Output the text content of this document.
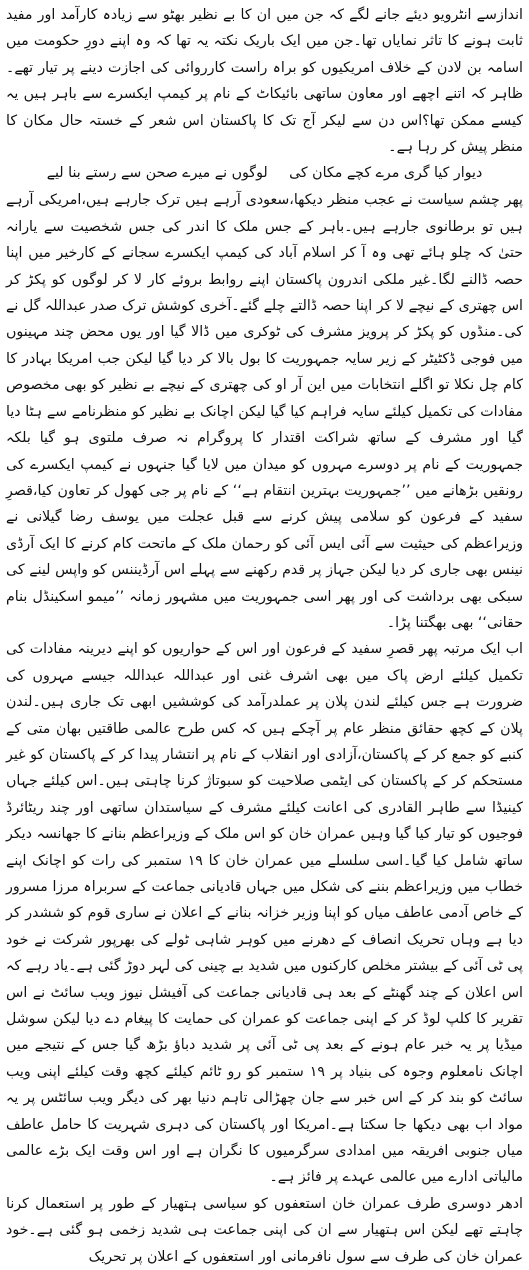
اندازسے انٹرویو دیئے جانے لگے کہ جن میں ان کا بے نظیر بھٹو سے زیادہ کارآمد اور مفید ثابت ہونے کا تاثر نمایاں تھا۔جن میں ایک باریک نکتہ یہ تھا کہ وہ اپنے دورِ حکومت میں اسامہ بن لادن کے خلاف امریکیوں کو براہ راست کارروائی کی اجازت دینے پر تیار تھے۔ظاہر کہ اتنے اچھے اور معاون ساتھی بائیکاٹ کے نام پر کیمپ ایکسرے سے باہر ہیں یہ کیسے ممکن تھا؟اس دن سے لیکر آج تک کا پاکستان اس شعر کے خستہ حال مکان کا منظر پیش کر رہا ہے۔

دیوار کیا گری مرے کچے مکان کی
لوگوں نے میرے صحن سے رستے بنا لیے

پھر چشم سیاست نے عجب منظر دیکھا،سعودی آرہے ہیں ترک جارہے ہیں،امریکی آرہے ہیں تو برطانوی جارہے ہیں۔باہر کے جس ملک کا اندر کی جس شخصیت سے یارانہ حتیٰ کہ چلو ہائے تھی وہ آ کر اسلام آباد کی کیمپ ایکسرے سجانے کے کارخیر میں اپنا حصہ ڈالنے لگا۔غیر ملکی اندرون پاکستان اپنے روابط بروئے کار لا کر لوگوں کو پکڑ کر اس چھتری کے نیچے لا کر اپنا حصہ ڈالتے چلے گئے۔آخری کوشش ترک صدر عبداللہ گل نے کی۔منڈوں کو پکڑ کر پرویز مشرف کی ٹوکری میں ڈالا گیا اور یوں محض چند مہینوں میں فوجی ڈکٹیٹر کے زیر سایہ جمہوریت کا بول بالا کر دیا گیا لیکن جب امریکا بہادر کا کام چل نکلا تو اگلے انتخابات میں این آر او کی چھتری کے نیچے بے نظیر کو بھی مخصوص مفادات کی تکمیل کیلئے سایہ فراہم کیا گیا لیکن اچانک بے نظیر کو منظرنامے سے ہٹا دیا گیا اور مشرف کے ساتھ شراکت اقتدار کا پروگرام نہ صرف ملتوی ہو گیا بلکہ جمہوریت کے نام پر دوسرے مہروں کو میدان میں لایا گیا جنہوں نے کیمپ ایکسرے کی رونقیں بڑھانے میں ’’جمہوریت بہترین انتقام ہے‘‘ کے نام پر جی کھول کر تعاون کیا،قصرِ سفید کے فرعون کو سلامی پیش کرنے سے قبل عجلت میں یوسف رضا گیلانی نے وزیراعظم کی حیثیت سے آئی ایس آئی کو رحمان ملک کے ماتحت کام کرنے کا ایک آرڈی نینس بھی جاری کر دیا لیکن جہاز پر قدم رکھنے سے پہلے اس آرڈیننس کو واپس لینے کی سبکی بھی برداشت کی اور پھر اسی جمہوریت میں مشہور زمانہ ’’میمو اسکینڈل بنام حقانی‘‘ بھی بھگتنا پڑا۔

اب ایک مرتبہ پھر قصرِ سفید کے فرعون اور اس کے حواریوں کو اپنے دیرینہ مفادات کی تکمیل کیلئے ارض پاک میں بھی اشرف غنی اور عبداللہ عبداللہ جیسے مہروں کی ضرورت ہے جس کیلئے لندن پلان پر عملدرآمد کی کوششیں ابھی تک جاری ہیں۔لندن پلان کے کچھ حقائق منظر عام پر آچکے ہیں کہ کس طرح عالمی طاقتیں بھان متی کے کنبے کو جمع کر کے پاکستان،آزادی اور انقلاب کے نام پر انتشار پیدا کر کے پاکستان کو غیر مستحکم کر کے پاکستان کی ایٹمی صلاحیت کو سبوتاژ کرنا چاہتی ہیں۔اس کیلئے جہاں کینیڈا سے طاہر القادری کی اعانت کیلئے مشرف کے سیاستدان ساتھی اور چند ریٹائرڈ فوجیوں کو تیار کیا گیا وہیں عمران خان کو اس ملک کے وزیراعظم بنانے کا جھانسہ دیکر ساتھ شامل کیا گیا۔اسی سلسلے میں عمران خان کا ۱۹ ستمبر کی رات کو اچانک اپنے خطاب میں وزیراعظم بننے کی شکل میں جہاں قادیانی جماعت کے سربراہ مرزا مسرور کے خاص آدمی عاطف میاں کو اپنا وزیر خزانہ بنانے کے اعلان نے ساری قوم کو ششدر کر دیا ہے وہاں تحریک انصاف کے دھرنے میں کوہر شاہی ٹولے کی بھرپور شرکت نے خود پی ٹی آئی کے بیشتر مخلص کارکنوں میں شدید بے چینی کی لہر دوڑ گئی ہے۔یاد رہے کہ اس اعلان کے چند گھنٹے کے بعد ہی قادیانی جماعت کی آفیشل نیوز ویب سائٹ نے اس تقریر کا کلپ لوڈ کر کے اپنی جماعت کو عمران کی حمایت کا پیغام دے دیا لیکن سوشل میڈیا پر یہ خبر عام ہونے کے بعد پی ٹی آئی پر شدید دباؤ بڑھ گیا جس کے نتیجے میں اچانک نامعلوم وجوہ کی بنیاد پر ۱۹ ستمبر کو رو ٹائم کیلئے کچھ وقت کیلئے اپنی ویب سائٹ کو بند کر کے اس خبر سے جان چھڑالی تاہم دنیا بھر کی دیگر ویب سائٹس پر یہ مواد اب بھی دیکھا جا سکتا ہے۔امریکا اور پاکستان کی دہری شہریت کا حامل عاطف میاں جنوبی افریقہ میں امدادی سرگرمیوں کا نگران ہے اور اس وقت ایک بڑے عالمی مالیاتی ادارے میں عالمی عہدے پر فائز ہے۔

ادھر دوسری طرف عمران خان استعفوں کو سیاسی ہتھیار کے طور پر استعمال کرنا چاہتے تھے لیکن اس ہتھیار سے ان کی اپنی جماعت ہی شدید زخمی ہو گئی ہے۔خود عمران خان کی طرف سے سول نافرمانی اور استعفوں کے اعلان پر تحریک
